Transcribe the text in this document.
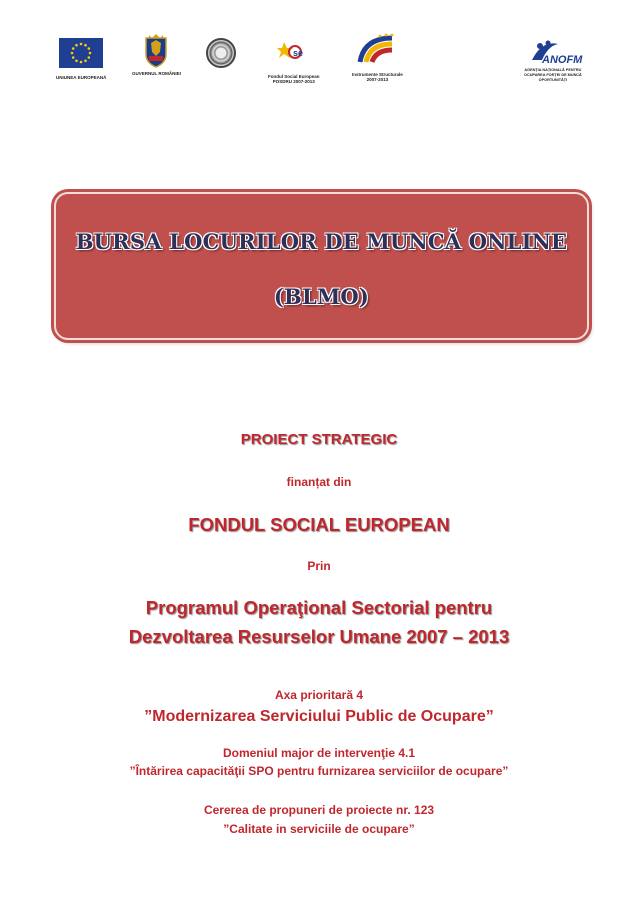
UNIUNEA EUROPEANĂ
GUVERNUL ROMÂNIEI
se
Fondul Social European
POSDRU 2007-2013
Instrumente Structurale
2007-2013
ANOFM
AGENȚIA NAȚIONALĂ PENTRU
OCUPAREA FORȚEI DE MUNCĂ
OPORTUNITĂȚI
BURSA LOCURILOR DE MUNCĂ ONLINE
(BLMO)

PROIECT STRATEGIC

finanțat din

FONDUL SOCIAL EUROPEAN

Prin

Programul Operaţional Sectorial pentru

Dezvoltarea Resurselor Umane 2007 – 2013

Axa prioritară 4

”Modernizarea Serviciului Public de Ocupare”

Domeniul major de intervenţie 4.1

”Întărirea capacităţii SPO pentru furnizarea serviciilor de ocupare”

Cererea de propuneri de proiecte nr. 123

”Calitate in serviciile de ocupare”
